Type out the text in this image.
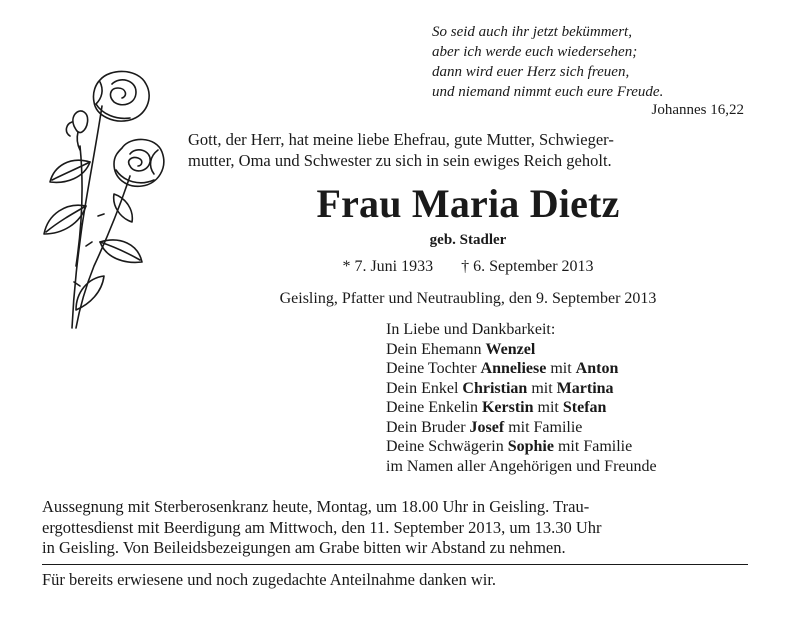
So seid auch ihr jetzt bekümmert,
aber ich werde euch wiedersehen;
dann wird euer Herz sich freuen,
und niemand nimmt euch eure Freude.
Johannes 16,22
Gott, der Herr, hat meine liebe Ehefrau, gute Mutter, Schwieger-
mutter, Oma und Schwester zu sich in sein ewiges Reich geholt.
Frau Maria Dietz
geb. Stadler
* 7. Juni 1933 † 6. September 2013
Geisling, Pfatter und Neutraubling, den 9. September 2013
In Liebe und Dankbarkeit:
Dein Ehemann Wenzel
Deine Tochter Anneliese mit Anton
Dein Enkel Christian mit Martina
Deine Enkelin Kerstin mit Stefan
Dein Bruder Josef mit Familie
Deine Schwägerin Sophie mit Familie
im Namen aller Angehörigen und Freunde
Aussegnung mit Sterberosenkranz heute, Montag, um 18.00 Uhr in Geisling. Trau-
ergottesdienst mit Beerdigung am Mittwoch, den 11. September 2013, um 13.30 Uhr
in Geisling. Von Beileidsbezeigungen am Grabe bitten wir Abstand zu nehmen.
Für bereits erwiesene und noch zugedachte Anteilnahme danken wir.
